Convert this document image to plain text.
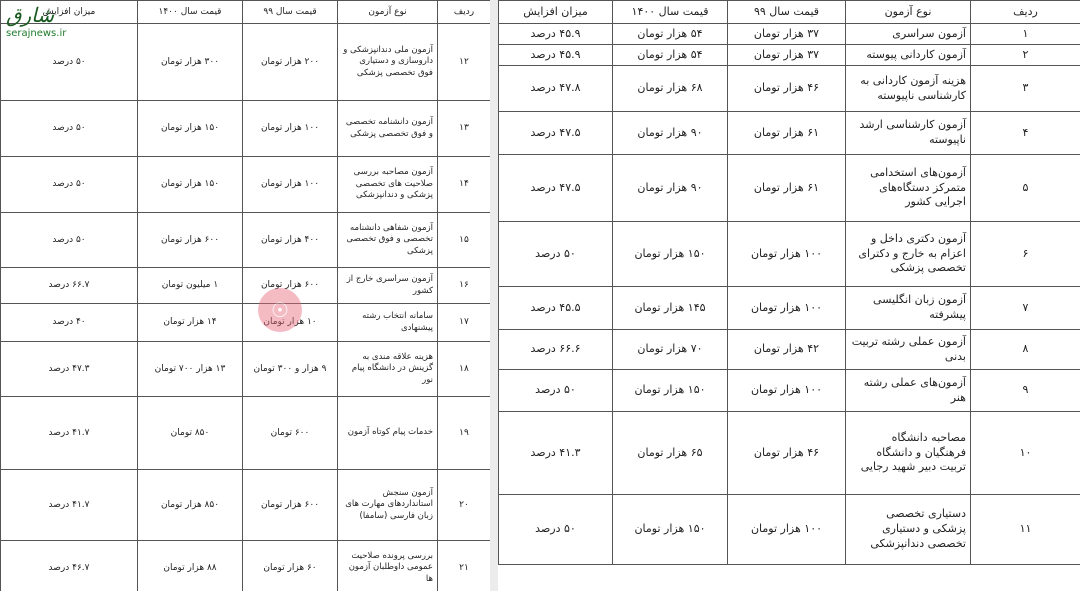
ردیف	نوع آزمون	قیمت سال ۹۹	قیمت سال ۱۴۰۰	میزان افزایش
۱۲	آزمون ملی دندانپزشکی و داروسازی و دستیاری فوق تخصصی پزشکی	۲۰۰ هزار تومان	۳۰۰ هزار تومان	۵۰ درصد
۱۳	آزمون دانشنامه تخصصی و فوق تخصصی پزشکی	۱۰۰ هزار تومان	۱۵۰ هزار تومان	۵۰ درصد
۱۴	آزمون مصاحبه بررسی صلاحیت های تخصصی پزشکی و دندانپزشکی	۱۰۰ هزار تومان	۱۵۰ هزار تومان	۵۰ درصد
۱۵	آزمون شفاهی دانشنامه تخصصی و فوق تخصصی پزشکی	۴۰۰ هزار تومان	۶۰۰ هزار تومان	۵۰ درصد
۱۶	آزمون سراسری خارج از کشور	۶۰۰ هزار تومان	۱ میلیون تومان	۶۶.۷ درصد
۱۷	سامانه انتخاب رشته پیشنهادی	۱۰ هزار تومان	۱۴ هزار تومان	۴۰ درصد
۱۸	هزینه علاقه مندی به گزینش در دانشگاه پیام نور	۹ هزار و ۳۰۰ تومان	۱۳ هزار ۷۰۰ تومان	۴۷.۳ درصد
۱۹	خدمات پیام کوتاه آزمون	۶۰۰ تومان	۸۵۰ تومان	۴۱.۷ درصد
۲۰	آزمون سنجش استانداردهای مهارت های زبان فارسی (سامفا)	۶۰۰ هزار تومان	۸۵۰ هزار تومان	۴۱.۷ درصد
۲۱	بررسی پرونده صلاحیت عمومی داوطلبان آزمون ها	۶۰ هزار تومان	۸۸ هزار تومان	۴۶.۷ درصد
☉
شارق
serajnews.ir
ردیف	نوع آزمون	قیمت سال ۹۹	قیمت سال ۱۴۰۰	میزان افزایش
۱	آزمون سراسری	۳۷ هزار تومان	۵۴ هزار تومان	۴۵.۹ درصد
۲	آزمون کاردانی پیوسته	۳۷ هزار تومان	۵۴ هزار تومان	۴۵.۹ درصد
۳	هزینه آزمون کاردانی به کارشناسی ناپیوسته	۴۶ هزار تومان	۶۸ هزار تومان	۴۷.۸ درصد
۴	آزمون کارشناسی ارشد ناپیوسته	۶۱ هزار تومان	۹۰ هزار تومان	۴۷.۵ درصد
۵	آزمون‌های استخدامی متمرکز دستگاه‌های اجرایی کشور	۶۱ هزار تومان	۹۰ هزار تومان	۴۷.۵ درصد
۶	آزمون دکتری داخل و اعزام به خارج و دکترای تخصصی پزشکی	۱۰۰ هزار تومان	۱۵۰ هزار تومان	۵۰ درصد
۷	آزمون زبان انگلیسی پیشرفته	۱۰۰ هزار تومان	۱۴۵ هزار تومان	۴۵.۵ درصد
۸	آزمون عملی رشته تربیت بدنی	۴۲ هزار تومان	۷۰ هزار تومان	۶۶.۶ درصد
۹	آزمون‌های عملی رشته هنر	۱۰۰ هزار تومان	۱۵۰ هزار تومان	۵۰ درصد
۱۰	مصاحبه دانشگاه فرهنگیان و دانشگاه تربیت دبیر شهید رجایی	۴۶ هزار تومان	۶۵ هزار تومان	۴۱.۳ درصد
۱۱	دستیاری تخصصی پزشکی و دستیاری تخصصی دندانپزشکی	۱۰۰ هزار تومان	۱۵۰ هزار تومان	۵۰ درصد
